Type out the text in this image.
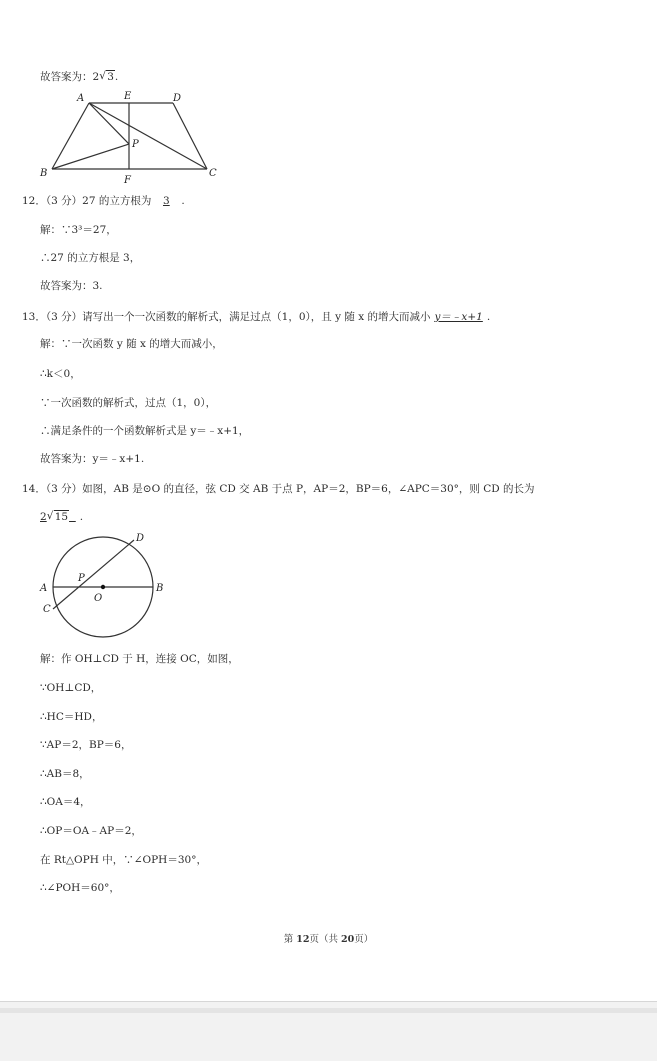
故答案为：2 √ 3.
A	E	D
P
B
F
C
12．（3 分）27 的立方根为 3 .
解：∵3³＝27，
∴27 的立方根是 3，
故答案为：3.
13．（3 分）请写出一个一次函数的解析式，满足过点（1，0），且 y 随 x 的增大而减小 y＝﹣x+1 .
解：∵一次函数 y 随 x 的增大而减小，
∴k＜0，
∵一次函数的解析式，过点（1，0），
∴满足条件的一个函数解析式是 y＝﹣x+1，
故答案为：y＝﹣x+1.
14．（3 分）如图，AB 是⊙O 的直径，弦 CD 交 AB 于点 P，AP＝2，BP＝6，∠APC＝30°，则 CD 的长为
2 √ 15 .
D
A
P
B
C
O
解：作 OH⊥CD 于 H，连接 OC，如图，
∵OH⊥CD，
∴HC＝HD，
∵AP＝2，BP＝6，
∴AB＝8，
∴OA＝4，
∴OP＝OA﹣AP＝2，
在 Rt△OPH 中，∵∠OPH＝30°，
∴∠POH＝60°，
第 12页（共 20页）
